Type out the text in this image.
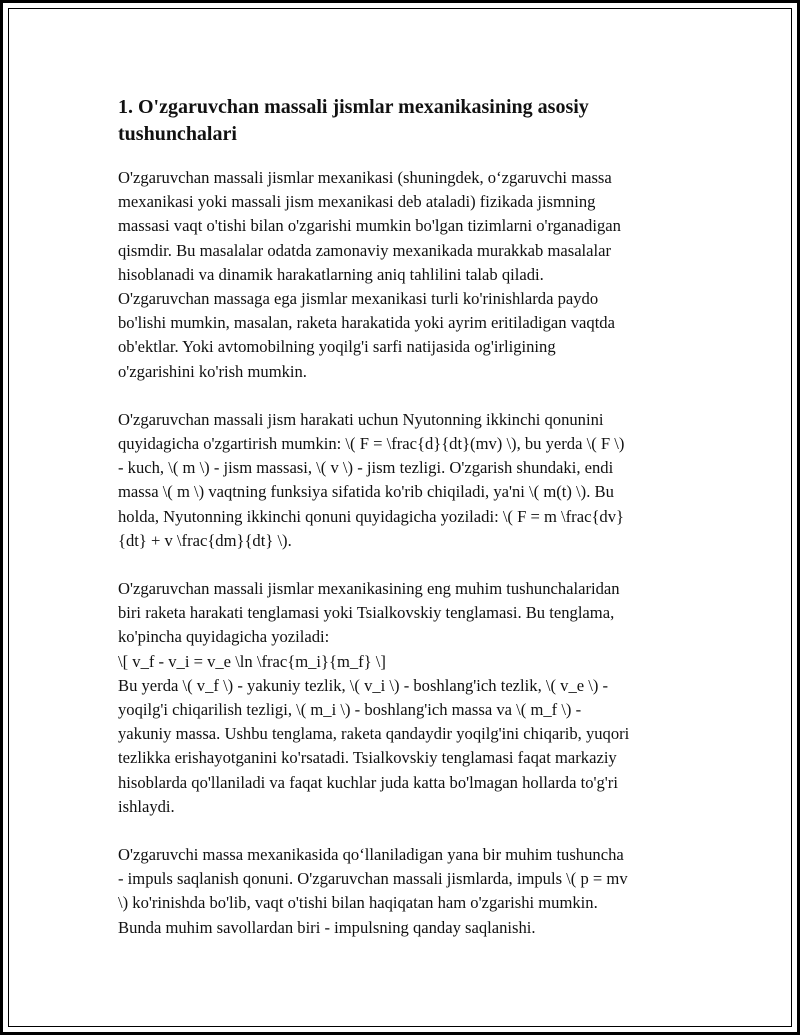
1. O'zgaruvchan massali jismlar mexanikasining asosiy
tushunchalari

O'zgaruvchan massali jismlar mexanikasi (shuningdek, o‘zgaruvchi massa
mexanikasi yoki massali jism mexanikasi deb ataladi) fizikada jismning
massasi vaqt o'tishi bilan o'zgarishi mumkin bo'lgan tizimlarni o'rganadigan
qismdir. Bu masalalar odatda zamonaviy mexanikada murakkab masalalar
hisoblanadi va dinamik harakatlarning aniq tahlilini talab qiladi.
O'zgaruvchan massaga ega jismlar mexanikasi turli ko'rinishlarda paydo
bo'lishi mumkin, masalan, raketa harakatida yoki ayrim eritiladigan vaqtda
ob'ektlar. Yoki avtomobilning yoqilg'i sarfi natijasida og'irligining
o'zgarishini ko'rish mumkin.

O'zgaruvchan massali jism harakati uchun Nyutonning ikkinchi qonunini
quyidagicha o'zgartirish mumkin: \( F = \frac{d}{dt}(mv) \), bu yerda \( F \)
- kuch, \( m \) - jism massasi, \( v \) - jism tezligi. O'zgarish shundaki, endi
massa \( m \) vaqtning funksiya sifatida ko'rib chiqiladi, ya'ni \( m(t) \). Bu
holda, Nyutonning ikkinchi qonuni quyidagicha yoziladi: \( F = m \frac{dv}
{dt} + v \frac{dm}{dt} \).

O'zgaruvchan massali jismlar mexanikasining eng muhim tushunchalaridan
biri raketa harakati tenglamasi yoki Tsialkovskiy tenglamasi. Bu tenglama,
ko'pincha quyidagicha yoziladi:
\[ v_f - v_i = v_e \ln \frac{m_i}{m_f} \]
Bu yerda \( v_f \) - yakuniy tezlik, \( v_i \) - boshlang'ich tezlik, \( v_e \) -
yoqilg'i chiqarilish tezligi, \( m_i \) - boshlang'ich massa va \( m_f \) -
yakuniy massa. Ushbu tenglama, raketa qandaydir yoqilg'ini chiqarib, yuqori
tezlikka erishayotganini ko'rsatadi. Tsialkovskiy tenglamasi faqat markaziy
hisoblarda qo'llaniladi va faqat kuchlar juda katta bo'lmagan hollarda to'g'ri
ishlaydi.

O'zgaruvchi massa mexanikasida qo‘llaniladigan yana bir muhim tushuncha
- impuls saqlanish qonuni. O'zgaruvchan massali jismlarda, impuls \( p = mv
\) ko'rinishda bo'lib, vaqt o'tishi bilan haqiqatan ham o'zgarishi mumkin.
Bunda muhim savollardan biri - impulsning qanday saqlanishi.
